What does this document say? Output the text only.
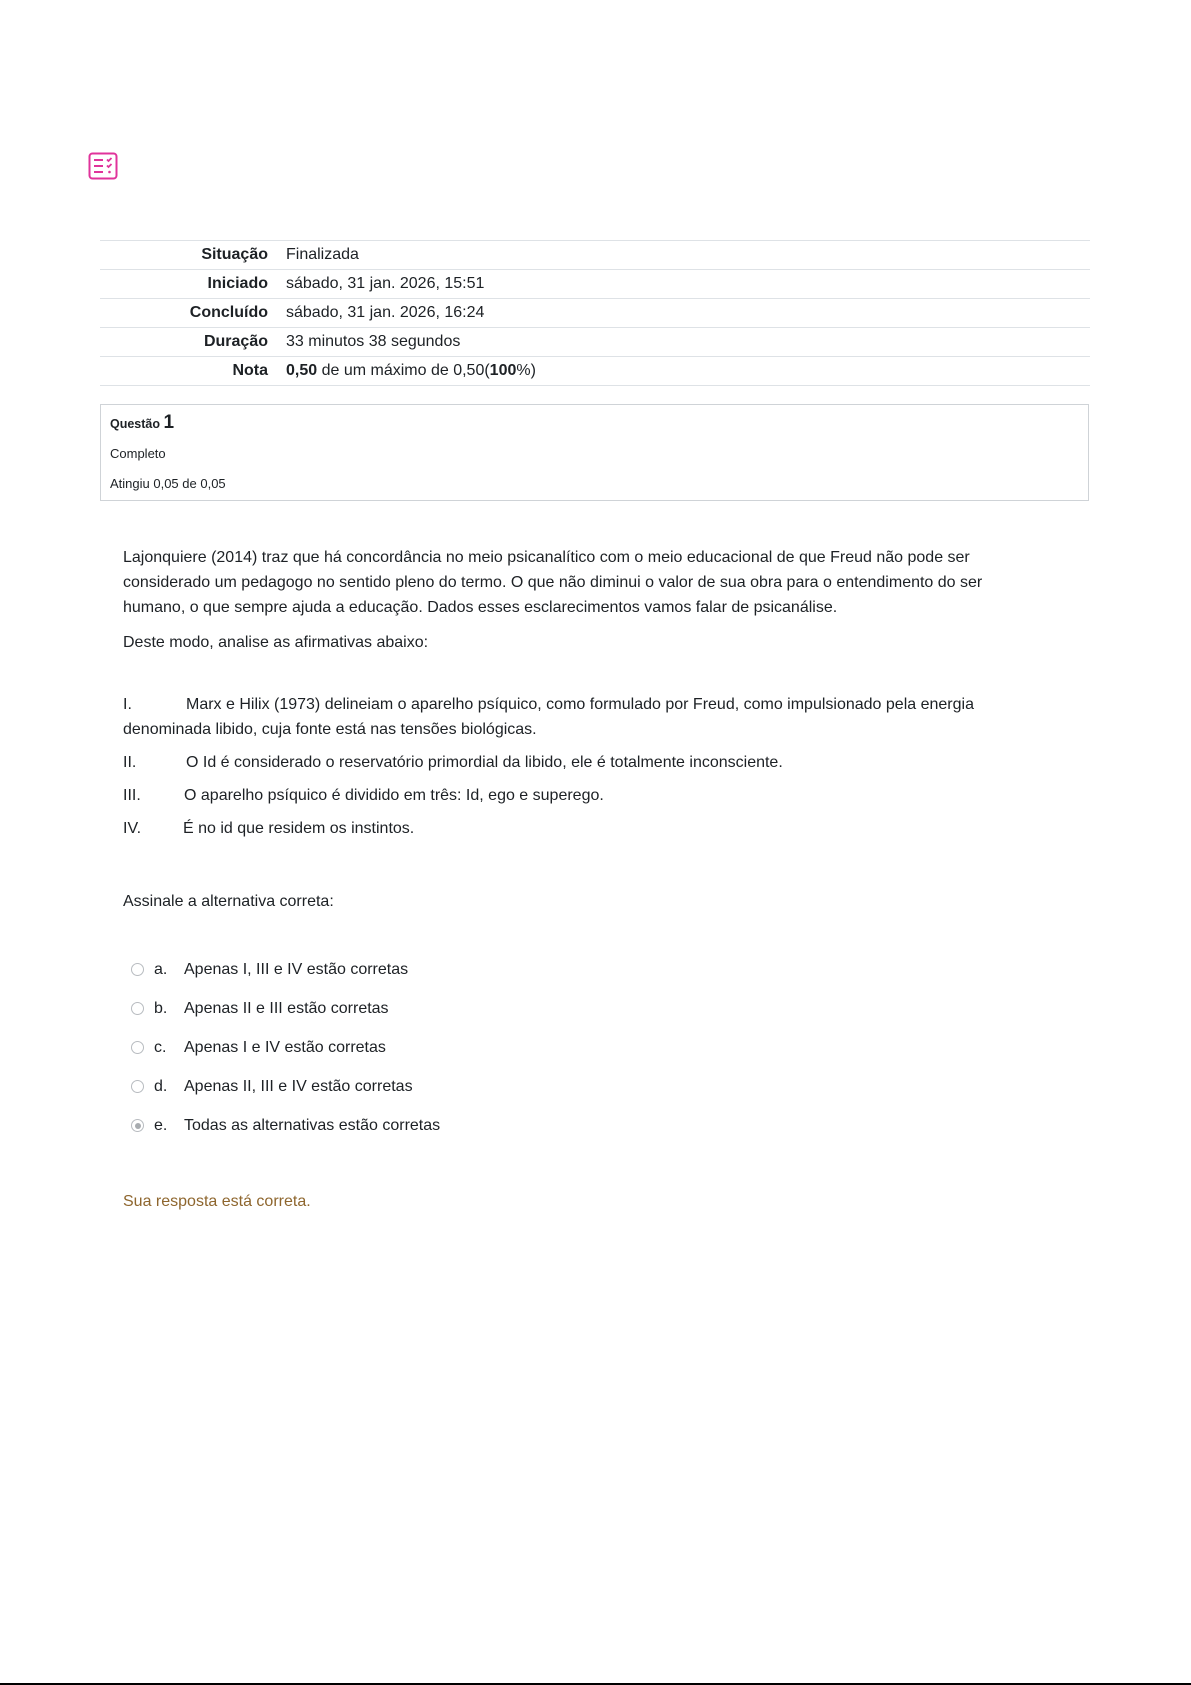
Situação	Finalizada
Iniciado	sábado, 31 jan. 2026, 15:51
Concluído	sábado, 31 jan. 2026, 16:24
Duração	33 minutos 38 segundos
Nota	0,50 de um máximo de 0,50(100%)
Questão 1
Completo
Atingiu 0,05 de 0,05

Lajonquiere (2014) traz que há concordância no meio psicanalítico com o meio educacional de que Freud não pode ser considerado um pedagogo no sentido pleno do termo. O que não diminui o valor de sua obra para o entendimento do ser humano, o que sempre ajuda a educação. Dados esses esclarecimentos vamos falar de psicanálise.

Deste modo, analise as afirmativas abaixo:

I.	Marx e Hilix (1973) delineiam o aparelho psíquico, como formulado por Freud, como impulsionado pela energia denominada libido, cuja fonte está nas tensões biológicas.

II.	O Id é considerado o reservatório primordial da libido, ele é totalmente inconsciente.

III.	O aparelho psíquico é dividido em três: Id, ego e superego.

IV.	É no id que residem os instintos.

Assinale a alternativa correta:
a.	Apenas I, III e IV estão corretas
b.	Apenas II e III estão corretas
c.	Apenas I e IV estão corretas
d.	Apenas II, III e IV estão corretas
e.	Todas as alternativas estão corretas
Sua resposta está correta.
